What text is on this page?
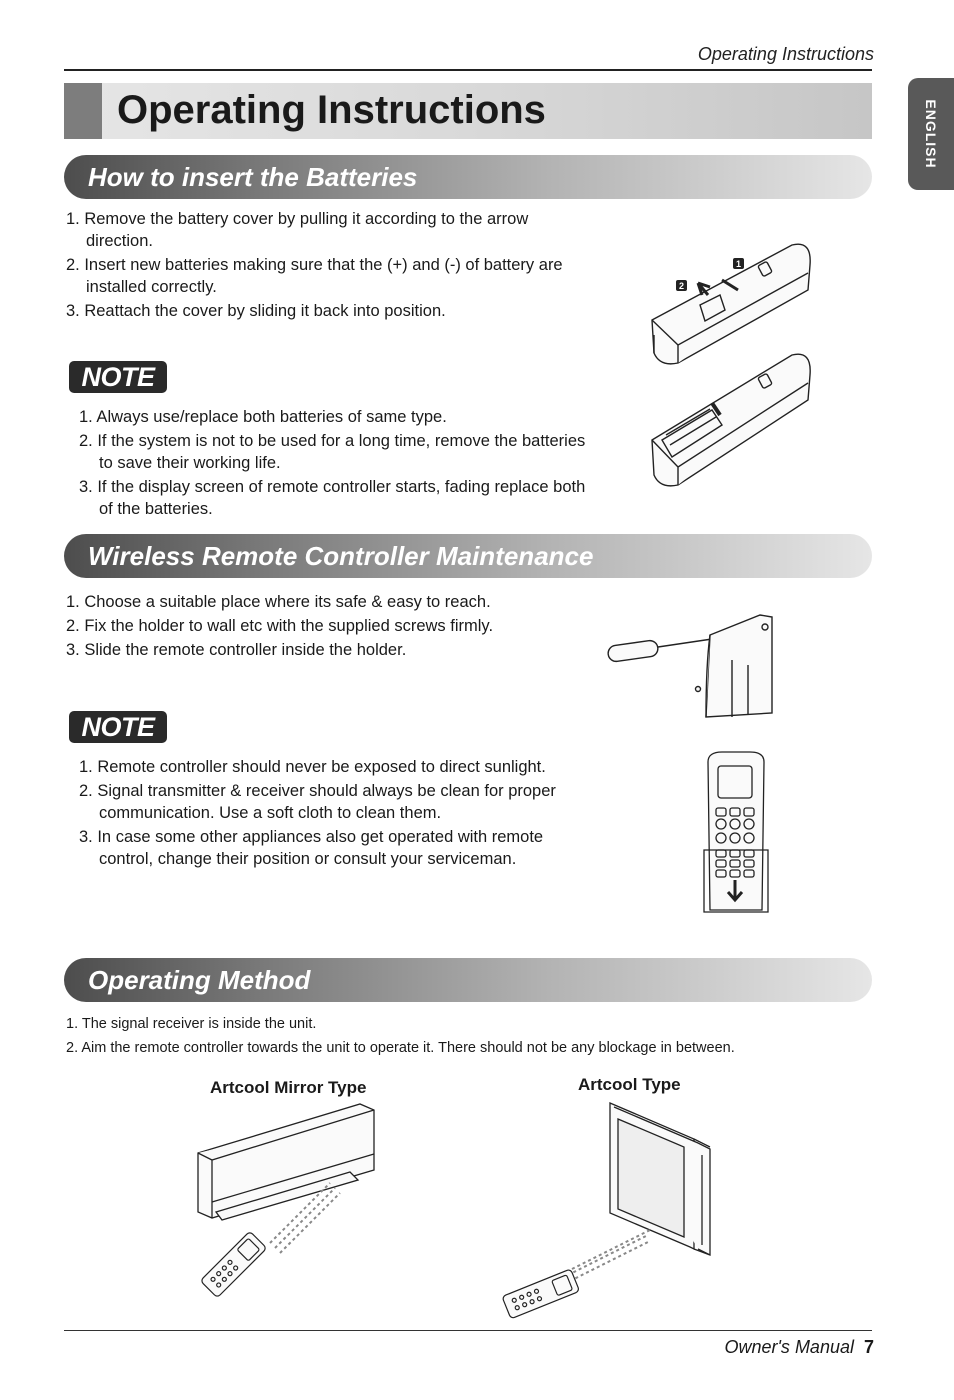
Operating Instructions
ENGLISH
Operating Instructions
How to insert the Batteries
1. Remove the battery cover by pulling it according to the arrow direction.
2. Insert new batteries making sure that the (+) and (-) of battery are installed correctly.
3. Reattach the cover by sliding it back into position.
NOTE
1. Always use/replace both batteries of same type.
2. If the system is not to be used for a long time, remove the batteries to save their working life.
3. If the display screen of remote controller starts, fading replace both of the batteries.
1
2
Wireless Remote Controller Maintenance
1. Choose a suitable place where its safe & easy to reach.
2. Fix the holder to wall etc with the supplied screws firmly.
3. Slide the remote controller inside the holder.
NOTE
1. Remote controller should never be exposed to direct sunlight.
2. Signal transmitter & receiver should always be clean for proper communication. Use a soft cloth to clean them.
3. In case some other appliances also get operated with remote control, change their position or consult your serviceman.
Operating Method
1. The signal receiver is inside the unit.
2. Aim the remote controller towards the unit to operate it. There should not be any blockage in between.
Artcool Mirror Type	Artcool Type
Owner's Manual 7
